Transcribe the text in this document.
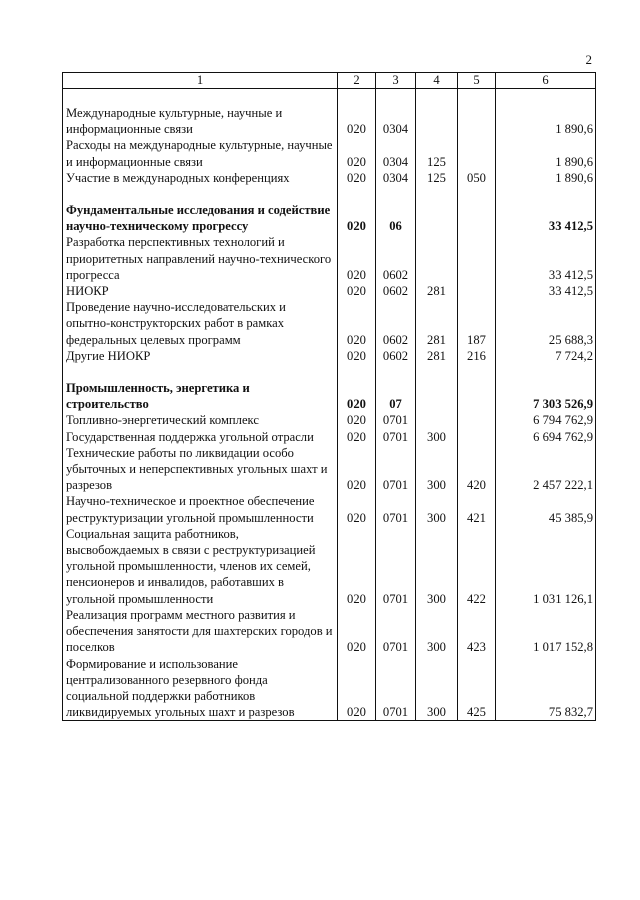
2
1	2	3	4	5	6

Международные культурные, научные и информационные связи	020	0304			1 890,6
Расходы на международные культурные, научные и информационные связи	020	0304	125		1 890,6
Участие в международных конференциях	020	0304	125	050	1 890,6

Фундаментальные исследования и содействие научно-техническому прогрессу	020	06			33 412,5
Разработка перспективных технологий и приоритетных направлений научно-технического прогресса	020	0602			33 412,5
НИОКР	020	0602	281		33 412,5
Проведение научно-исследовательских и опытно-конструкторских работ в рамках федеральных целевых программ	020	0602	281	187	25 688,3
Другие НИОКР	020	0602	281	216	7 724,2

Промышленность, энергетика и строительство	020	07			7 303 526,9
Топливно-энергетический комплекс	020	0701			6 794 762,9
Государственная поддержка угольной отрасли	020	0701	300		6 694 762,9
Технические работы по ликвидации особо убыточных и неперспективных угольных шахт и разрезов	020	0701	300	420	2 457 222,1
Научно-техническое и проектное обеспечение реструктуризации угольной промышленности	020	0701	300	421	45 385,9
Социальная защита работников, высвобождаемых в связи с реструктуризацией угольной промышленности, членов их семей, пенсионеров и инвалидов, работавших в угольной промышленности	020	0701	300	422	1 031 126,1
Реализация программ местного развития и обеспечения занятости для шахтерских городов и поселков	020	0701	300	423	1 017 152,8
Формирование и использование централизованного резервного фонда социальной поддержки работников ликвидируемых угольных шахт и разрезов	020	0701	300	425	75 832,7
